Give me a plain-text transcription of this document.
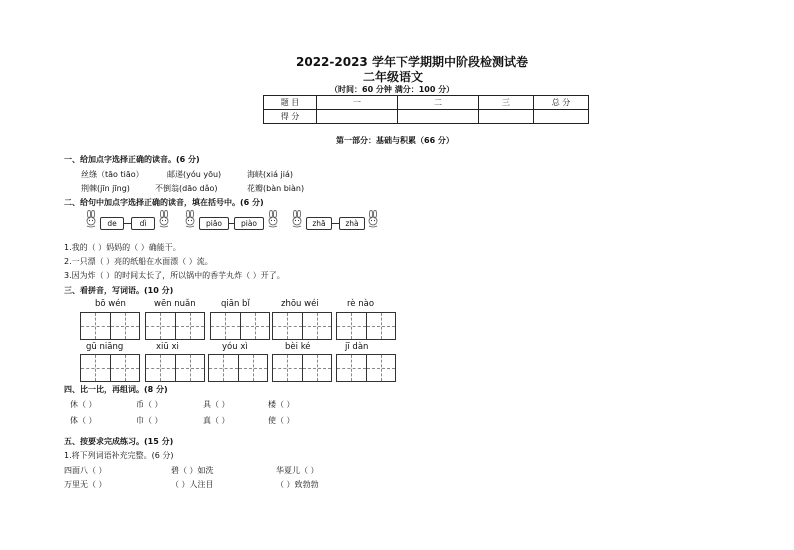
2022-2023 学年下学期期中阶段检测试卷
二年级语文
（时间：60 分钟 满分：100 分）
题 目	一	二	三	总 分
得 分				
第一部分：基础与积累（66 分）
一、给加点字选择正确的读音。(6 分)
丝绦（tāo tiāo）	邮递(yóu yōu)	海峡(xiá jiá)
荆棘(jīn jīng)	不倒翁(dāo dǎo)	花瓣(bàn biàn)
二、给句中加点字选择正确的读音，填在括号中。(6 分)
de	dì	piāo	piào	zhā	zhà
1.我的（ ）妈妈的（ ）确能干。
2.一只漂（ ）亮的纸船在水面漂（ ）流。
3.因为炸（ ）的时间太长了，所以锅中的香芋丸炸（ ）开了。
三、看拼音，写词语。(10 分)
bō wén	wēn nuǎn	qiān bǐ	zhōu wéi	rè nào
gū niāng	xiū xi	yóu xì	bèi ké	jī dàn
四、比一比，再组词。(8 分)
休（ ）	币（ ）	具（ ）	楼（ ）
体（ ）	巾（ ）	真（ ）	使（ ）
五、按要求完成练习。(15 分)
1.将下列词语补充完整。(6 分)
四面八（ ）	碧（ ）如洗	华夏儿（ ）
万里无（ ）	（ ）人注目	（ ）致勃勃
